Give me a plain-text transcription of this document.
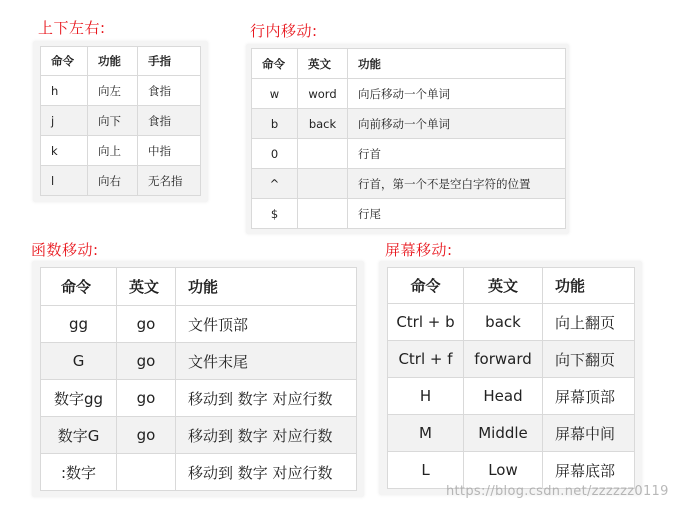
上下左右:
命令	功能	手指
h	向左	食指
j	向下	食指
k	向上	中指
l	向右	无名指
行内移动:
命令	英文	功能
w	word	向后移动一个单词
b	back	向前移动一个单词
0		行首
^		行首，第一个不是空白字符的位置
$		行尾
函数移动:
命令	英文	功能
gg	go	文件顶部
G	go	文件末尾
数字gg	go	移动到 数字 对应行数
数字G	go	移动到 数字 对应行数
:数字		移动到 数字 对应行数
屏幕移动:
命令	英文	功能
Ctrl + b	back	向上翻页
Ctrl + f	forward	向下翻页
H	Head	屏幕顶部
M	Middle	屏幕中间
L	Low	屏幕底部
https://blog.csdn.net/zzzzzz0119
